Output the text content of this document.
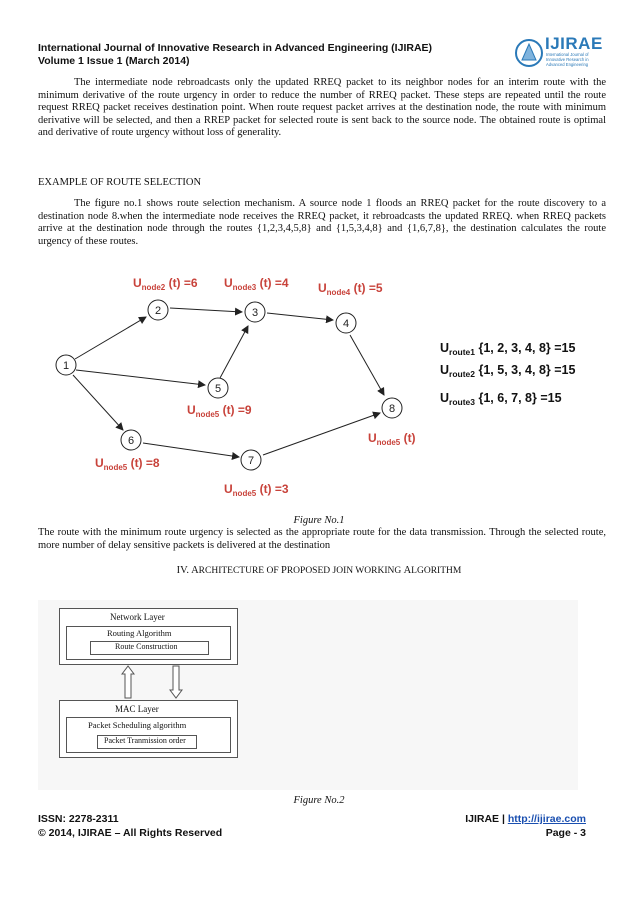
International Journal of Innovative Research in Advanced Engineering (IJIRAE)
Volume 1 Issue 1 (March 2014)
IJIRAE
International Journal of Innovative Research in Advanced Engineering

The intermediate node rebroadcasts only the updated RREQ packet to its neighbor nodes for an interim route with the minimum derivative of the route urgency in order to reduce the number of RREQ packet. These steps are repeated until the route request RREQ packet receives destination point. When route request packet arrives at the destination node, the route with minimum derivative will be selected, and then a RREP packet for selected route is sent back to the source node. The obtained route is optimal and derivative of route urgency without loss of generality.

EXAMPLE OF ROUTE SELECTION

The figure no.1 shows route selection mechanism. A source node 1 floods an RREQ packet for the route discovery to a destination node 8.when the intermediate node receives the RREQ packet, it rebroadcasts the updated RREQ. when RREQ packets arrive at the destination node through the routes {1,2,3,4,5,8} and {1,5,3,4,8} and {1,6,7,8}, the destination calculates the route urgency of these routes.

1
2	3
4
5
6
7
8
$U_{node2}$ (t) =6 $U_{node3}$ (t) =4 $U_{node4}$ (t) =5
$U_{node5}$ (t) =9
$U_{node5}$ (t) =8
$U_{node5}$ (t) =3
$U_{node5}$ (t)
$U_{route1}$ {1, 2, 3, 4, 8} =15
$U_{route2}$ {1, 5, 3, 4, 8} =15
$U_{route3}$ {1, 6, 7, 8} =15
Figure No.1

The route with the minimum route urgency is selected as the appropriate route for the data transmission. Through the selected route, more number of delay sensitive packets is delivered at the destination

IV. ARCHITECTURE OF PROPOSED JOIN WORKING ALGORITHM
Network Layer
Routing Algorithm
Route Construction
MAC Layer
Packet Scheduling algorithm
Packet Tranmission order
Figure No.2
ISSN: 2278-2311
© 2014, IJIRAE – All Rights Reserved
IJIRAE | http://ijirae.com
Page - 3
